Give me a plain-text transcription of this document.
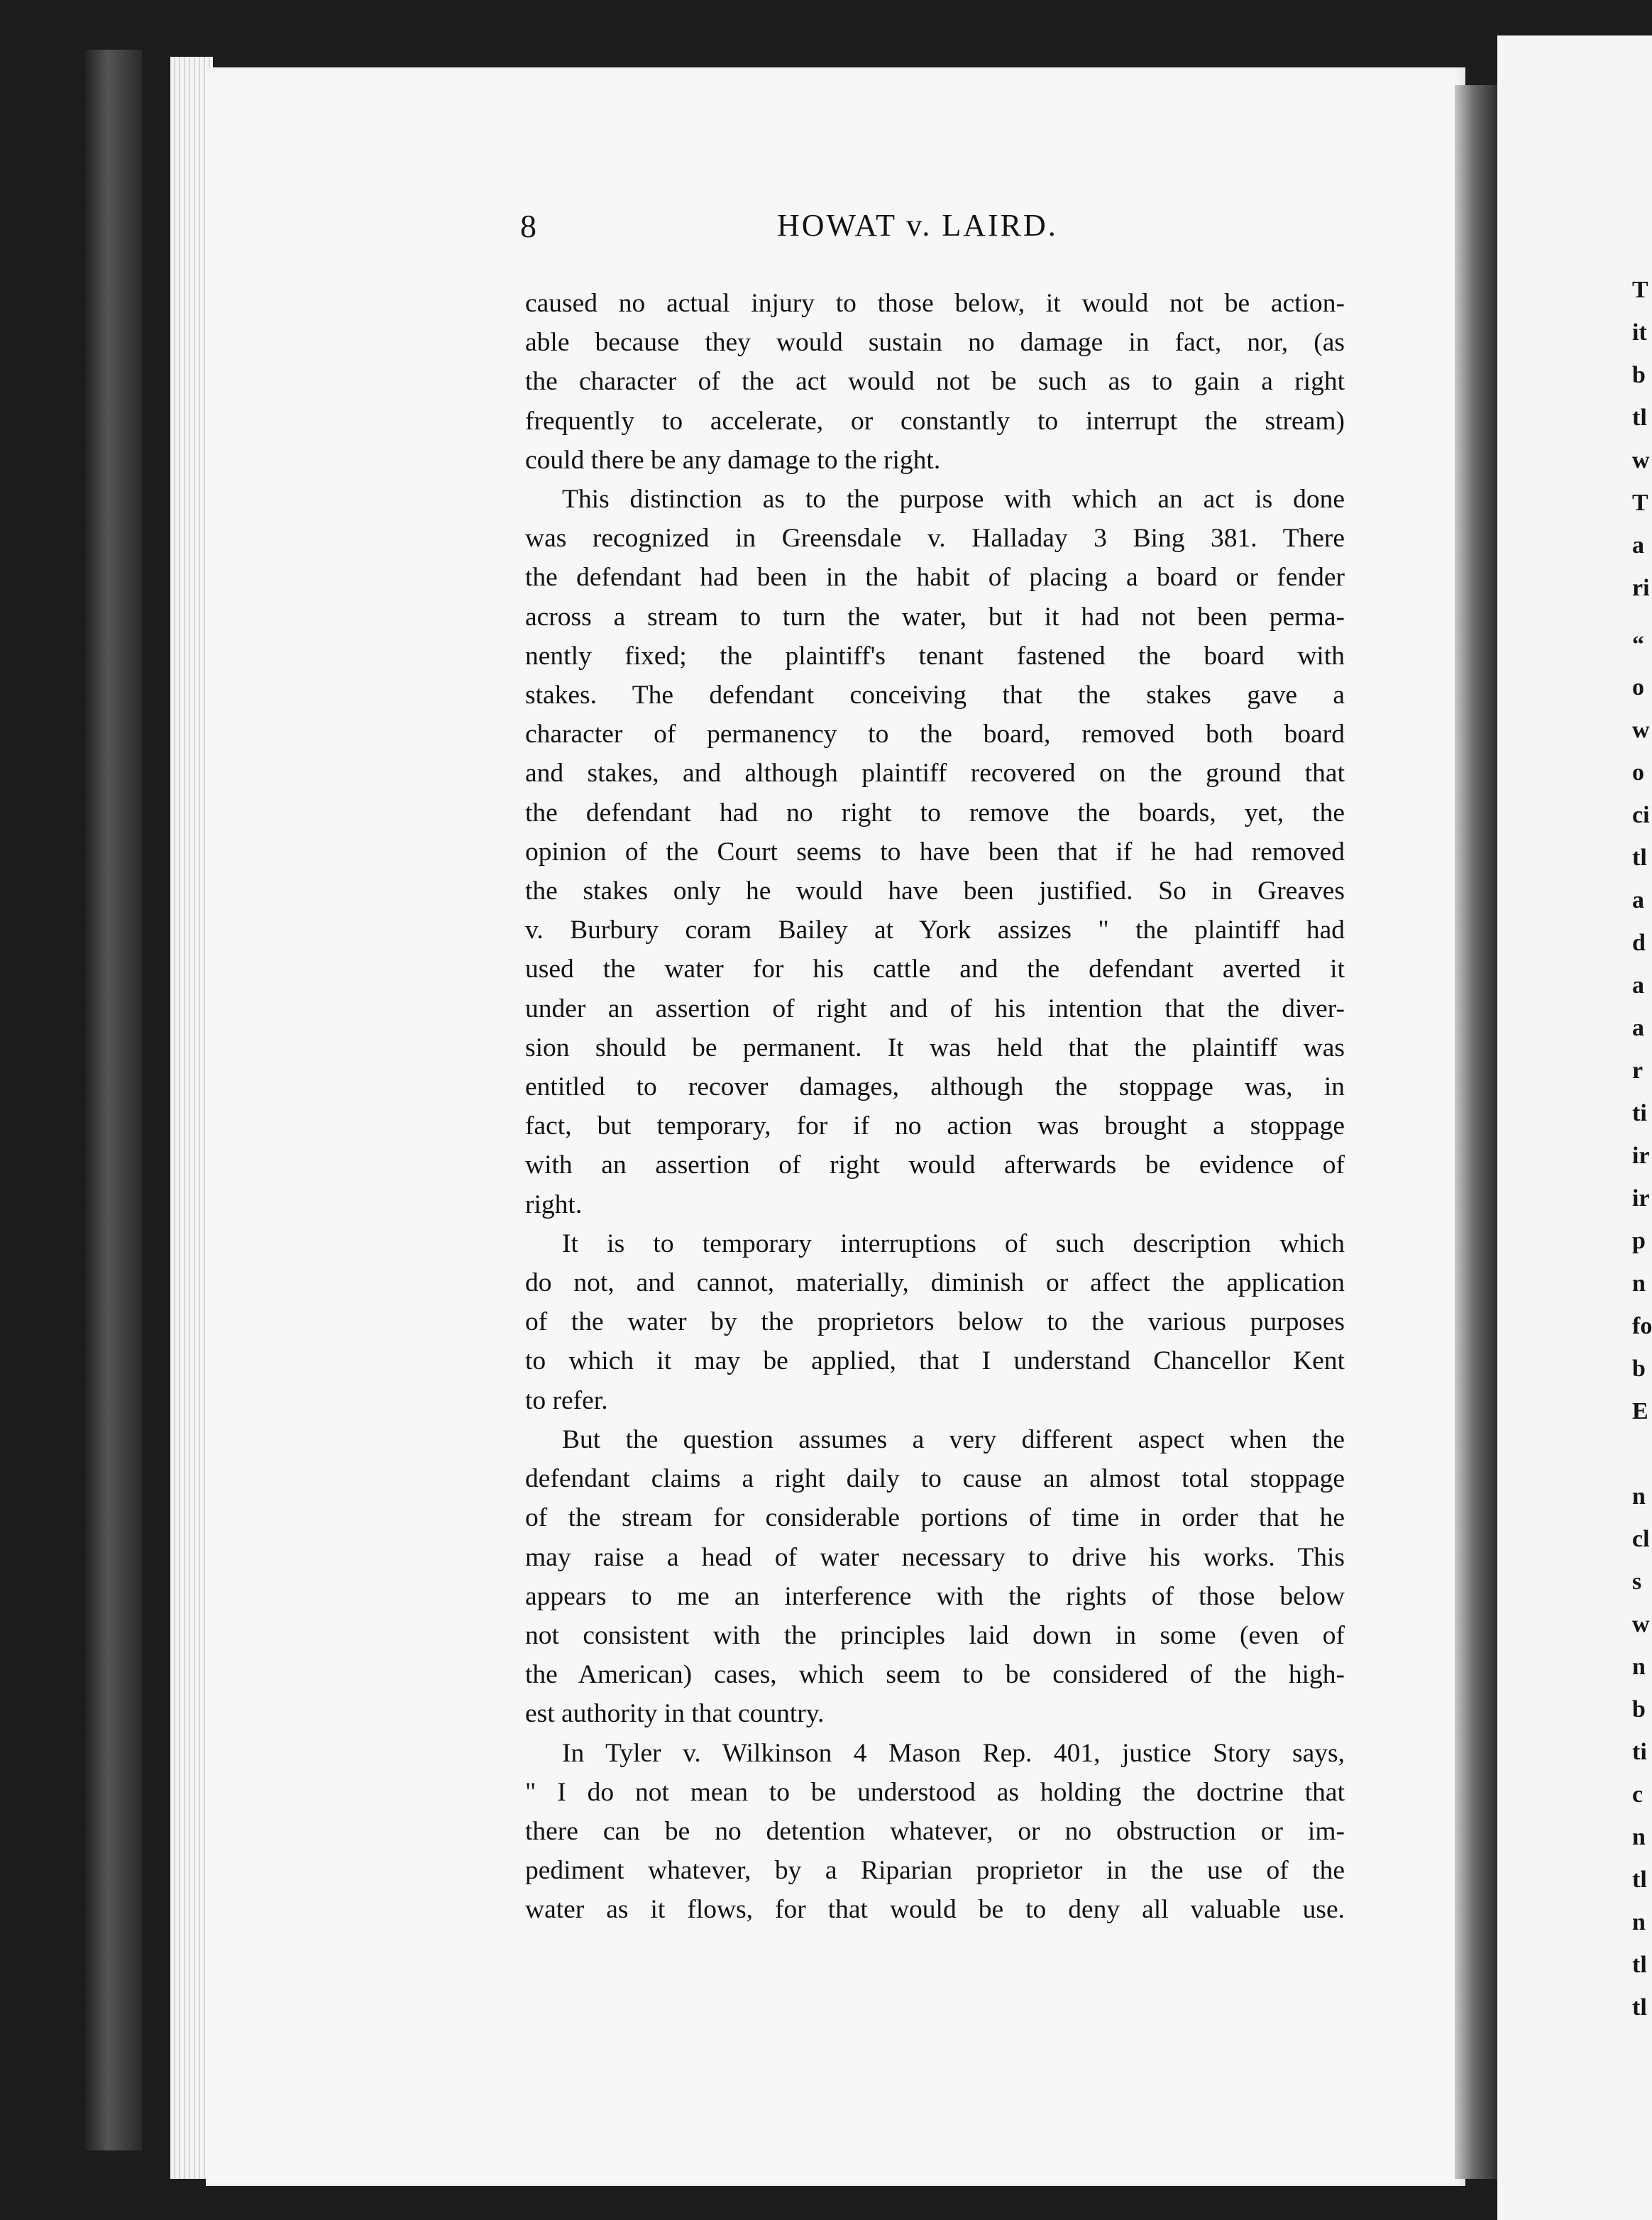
T
it
b
tl
w
T
a
ri
“
o
w
o
ci
tl
a
d
a
a
r
ti
ir
ir
p
n
fo
b
E
n
cl
s
w
n
b
ti
c
n
tl
n
tl
tl
8	HOWAT v. LAIRD.
caused no actual injury to those below, it would not be action-
able because they would sustain no damage in fact, nor, (as
the character of the act would not be such as to gain a right
frequently to accelerate, or constantly to interrupt the stream)
could there be any damage to the right.
This distinction as to the purpose with which an act is done
was recognized in Greensdale v. Halladay 3 Bing 381. There
the defendant had been in the habit of placing a board or fender
across a stream to turn the water, but it had not been perma-
nently fixed; the plaintiff's tenant fastened the board with
stakes. The defendant conceiving that the stakes gave a
character of permanency to the board, removed both board
and stakes, and although plaintiff recovered on the ground that
the defendant had no right to remove the boards, yet, the
opinion of the Court seems to have been that if he had removed
the stakes only he would have been justified. So in Greaves
v. Burbury coram Bailey at York assizes " the plaintiff had
used the water for his cattle and the defendant averted it
under an assertion of right and of his intention that the diver-
sion should be permanent. It was held that the plaintiff was
entitled to recover damages, although the stoppage was, in
fact, but temporary, for if no action was brought a stoppage
with an assertion of right would afterwards be evidence of
right.
It is to temporary interruptions of such description which
do not, and cannot, materially, diminish or affect the application
of the water by the proprietors below to the various purposes
to which it may be applied, that I understand Chancellor Kent
to refer.
But the question assumes a very different aspect when the
defendant claims a right daily to cause an almost total stoppage
of the stream for considerable portions of time in order that he
may raise a head of water necessary to drive his works. This
appears to me an interference with the rights of those below
not consistent with the principles laid down in some (even of
the American) cases, which seem to be considered of the high-
est authority in that country.
In Tyler v. Wilkinson 4 Mason Rep. 401, justice Story says,
" I do not mean to be understood as holding the doctrine that
there can be no detention whatever, or no obstruction or im-
pediment whatever, by a Riparian proprietor in the use of the
water as it flows, for that would be to deny all valuable use.
